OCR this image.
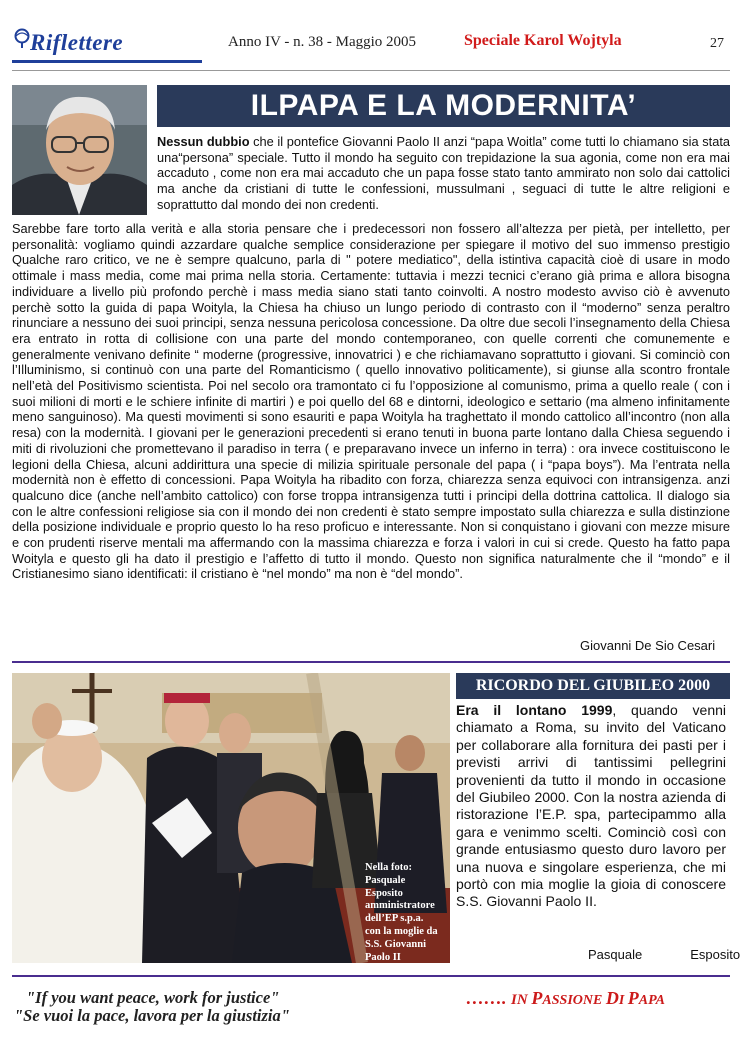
Riflettere	Anno IV - n. 38 - Maggio 2005	Speciale Karol Wojtyla	27
ILPAPA E LA MODERNITA’
Nessun dubbio che il pontefice Giovanni Paolo II anzi “papa Woitla” come tutti lo chiamano sia stata una“persona” speciale. Tutto il mondo ha seguito con trepidazione la sua agonia, come non era mai accaduto , come non era mai accaduto che un papa fosse stato tanto ammirato non solo dai cattolici ma anche da cristiani di tutte le confessioni, mussulmani , seguaci di tutte le altre religioni e soprattutto dal mondo dei non credenti.
Sarebbe fare torto alla verità e alla storia pensare che i predecessori non fossero all’altezza per pietà, per intelletto, per personalità: vogliamo quindi azzardare qualche semplice considerazione per spiegare il motivo del suo immenso prestigio Qualche raro critico, ve ne è sempre qualcuno, parla di " potere mediatico", della istintiva capacità cioè di usare in modo ottimale i mass media, come mai prima nella storia. Certamente: tuttavia i mezzi tecnici c’erano già prima e allora bisogna individuare a livello più profondo perchè i mass media siano stati tanto coinvolti. A nostro modesto avviso ciò è avvenuto perchè sotto la guida di papa Woityla, la Chiesa ha chiuso un lungo periodo di contrasto con il “moderno” senza peraltro rinunciare a nessuno dei suoi principi, senza nessuna pericolosa concessione. Da oltre due secoli l’insegnamento della Chiesa era entrato in rotta di collisione con una parte del mondo contemporaneo, con quelle correnti che comunemente e generalmente venivano definite “ moderne (progressive, innovatrici ) e che richiamavano soprattutto i giovani. Si cominciò con l’Illuminismo, si continuò con una parte del Romanticismo ( quello innovativo politicamente), si giunse alla scontro frontale nell’età del Positivismo scientista. Poi nel secolo ora tramontato ci fu l’opposizione al comunismo, prima a quello reale ( con i suoi milioni di morti e le schiere infinite di martiri ) e poi quello del 68 e dintorni, ideologico e settario (ma almeno infinitamente meno sanguinoso). Ma questi movimenti si sono esauriti e papa Woityla ha traghettato il mondo cattolico all’incontro (non alla resa) con la modernità. I giovani per le generazioni precedenti si erano tenuti in buona parte lontano dalla Chiesa seguendo i miti di rivoluzioni che promettevano il paradiso in terra ( e preparavano invece un inferno in terra) : ora invece costituiscono le legioni della Chiesa, alcuni addirittura una specie di milizia spirituale personale del papa ( i “papa boys”). Ma l’entrata nella modernità non è effetto di concessioni. Papa Woityla ha ribadito con forza, chiarezza senza equivoci con intransigenza. anzi qualcuno dice (anche nell’ambito cattolico) con forse troppa intransigenza tutti i principi della dottrina cattolica. Il dialogo sia con le altre confessioni religiose sia con il mondo dei non credenti è stato sempre impostato sulla chiarezza e sulla distinzione della posizione individuale e proprio questo lo ha reso proficuo e interessante. Non si conquistano i giovani con mezze misure e con prudenti riserve mentali ma affermando con la massima chiarezza e forza i valori in cui si crede. Questo ha fatto papa Woityla e questo gli ha dato il prestigio e l’affetto di tutto il mondo. Questo non significa naturalmente che il “mondo” e il Cristianesimo siano identificati: il cristiano è “nel mondo” ma non è “del mondo”.
Giovanni De Sio Cesari
Nella foto:
Pasquale
Esposito
amministratore
dell’EP s.p.a.
con la moglie da
S.S. Giovanni
Paolo II
RICORDO DEL GIUBILEO 2000
Era il lontano 1999, quando venni chiamato a Roma, su invito del Vaticano per collaborare alla fornitura dei pasti per i previsti arrivi di tantissimi pellegrini provenienti da tutto il mondo in occasione del Giubileo 2000. Con la nostra azienda di ristorazione l’E.P. spa, partecipammo alla gara e venimmo scelti. Cominciò così con grande entusiasmo questo duro lavoro per una nuova e singolare esperienza, che mi portò con mia moglie la gioia di conoscere S.S. Giovanni Paolo II.
Pasquale	Esposito
"If you want peace, work for justice"
"Se vuoi la pace, lavora per la giustizia"
……. IN PASSIONE DI PAPA
